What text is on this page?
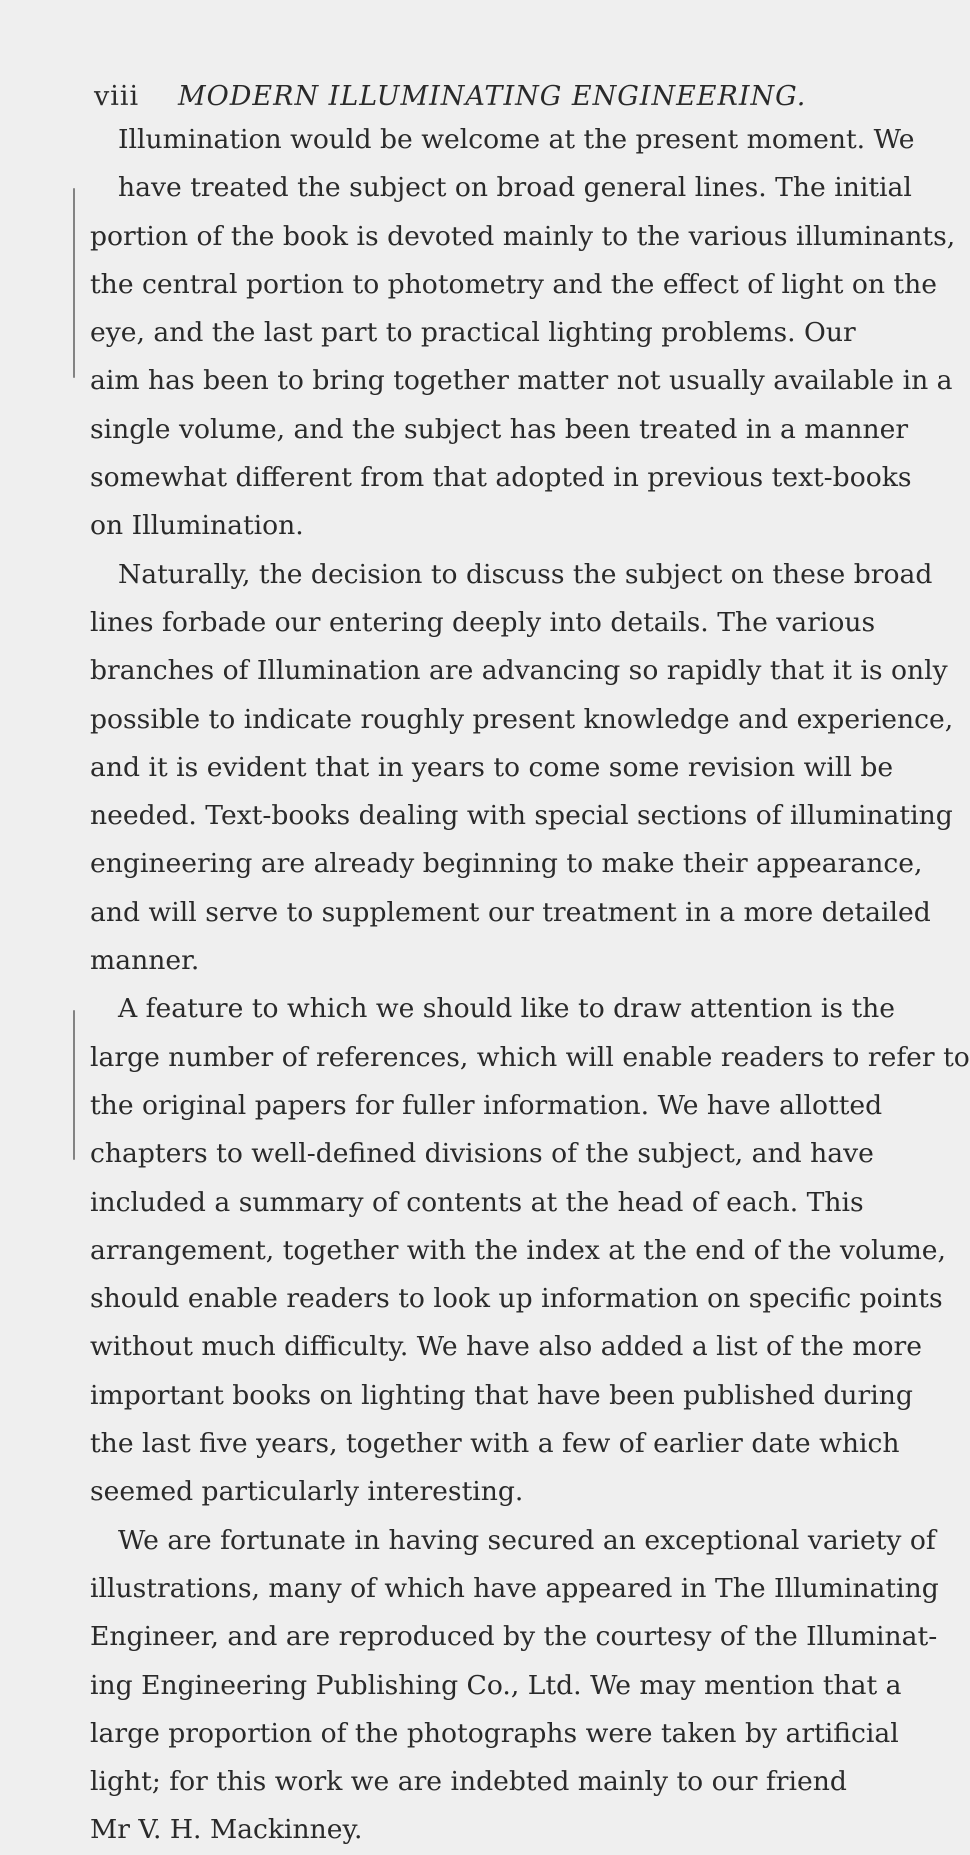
viii MODERN ILLUMINATING ENGINEERING.
Illumination would be welcome at the present moment. We
have treated the subject on broad general lines. The initial
portion of the book is devoted mainly to the various illuminants,
the central portion to photometry and the effect of light on the
eye, and the last part to practical lighting problems. Our
aim has been to bring together matter not usually available in a
single volume, and the subject has been treated in a manner
somewhat different from that adopted in previous text-books
on Illumination.
Naturally, the decision to discuss the subject on these broad
lines forbade our entering deeply into details. The various
branches of Illumination are advancing so rapidly that it is only
possible to indicate roughly present knowledge and experience,
and it is evident that in years to come some revision will be
needed. Text-books dealing with special sections of illuminating
engineering are already beginning to make their appearance,
and will serve to supplement our treatment in a more detailed
manner.
A feature to which we should like to draw attention is the
large number of references, which will enable readers to refer to
the original papers for fuller information. We have allotted
chapters to well-defined divisions of the subject, and have
included a summary of contents at the head of each. This
arrangement, together with the index at the end of the volume,
should enable readers to look up information on specific points
without much difficulty. We have also added a list of the more
important books on lighting that have been published during
the last five years, together with a few of earlier date which
seemed particularly interesting.
We are fortunate in having secured an exceptional variety of
illustrations, many of which have appeared in The Illuminating
Engineer, and are reproduced by the courtesy of the Illuminat-
ing Engineering Publishing Co., Ltd. We may mention that a
large proportion of the photographs were taken by artificial
light; for this work we are indebted mainly to our friend
Mr V. H. Mackinney.
